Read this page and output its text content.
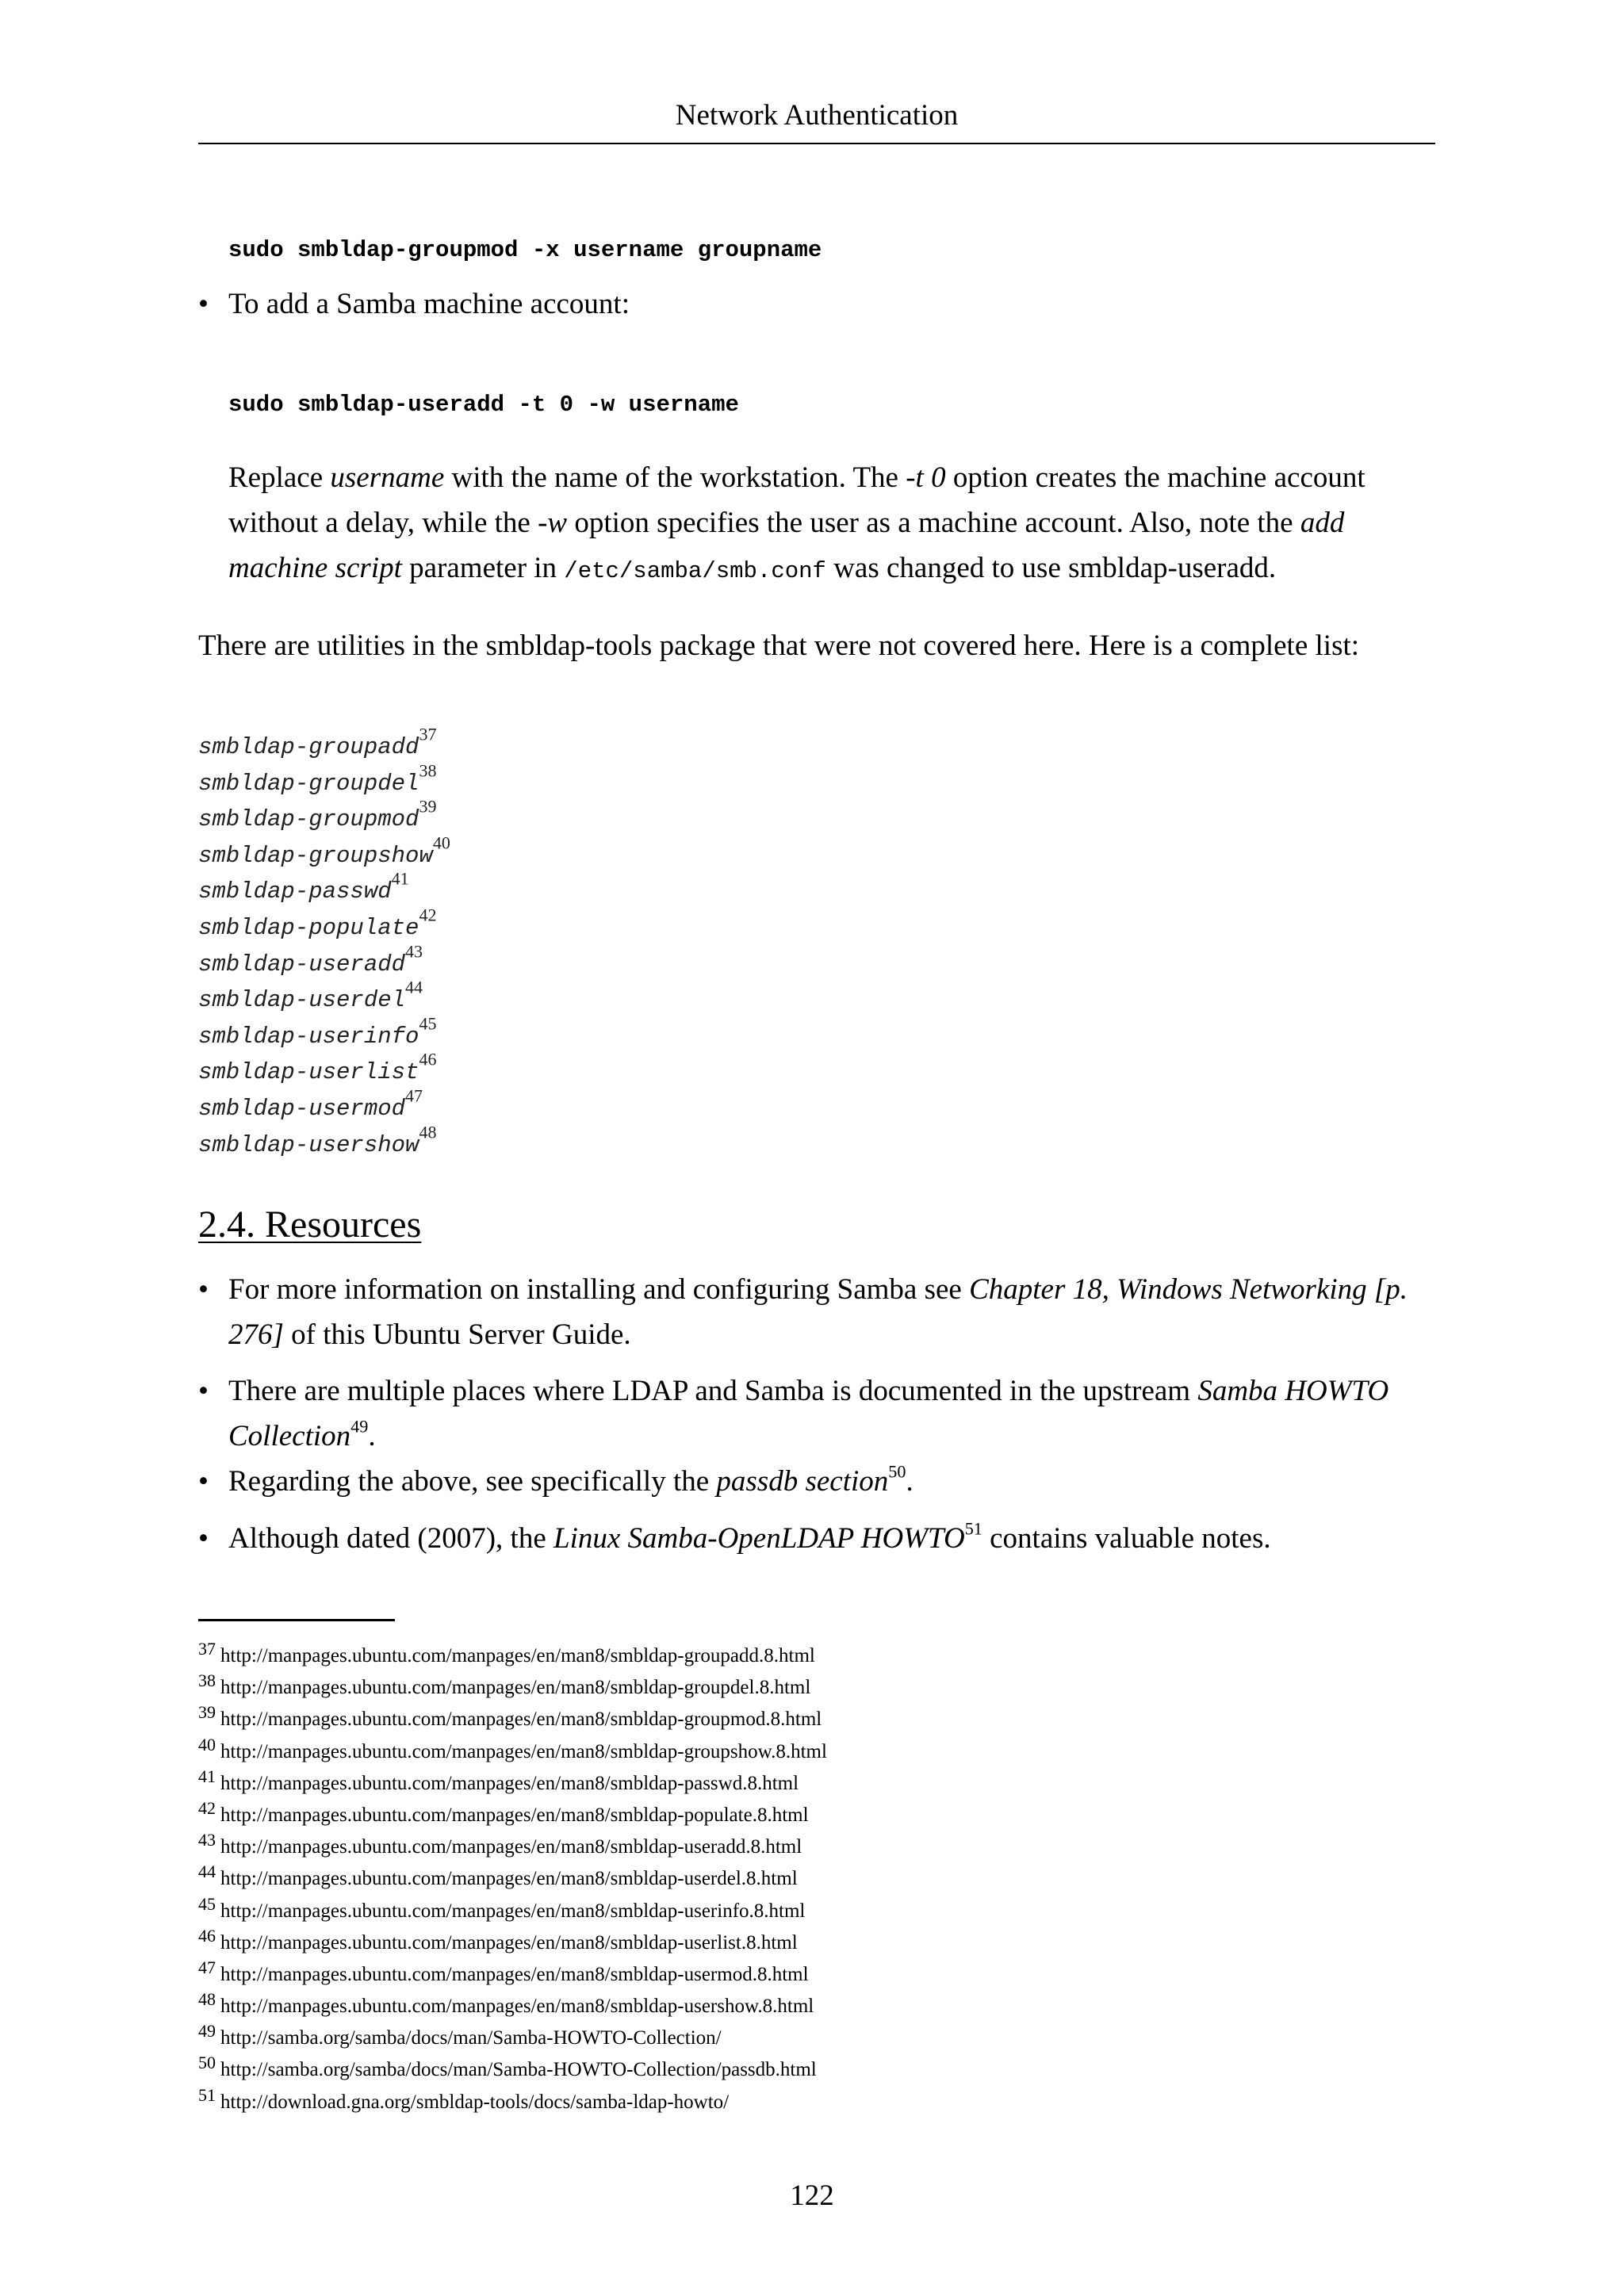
Network Authentication
sudo smbldap-groupmod -x username groupname
• To add a Samba machine account:
sudo smbldap-useradd -t 0 -w username
Replace username with the name of the workstation. The -t 0 option creates the machine account without a delay, while the -w option specifies the user as a machine account. Also, note the add machine script parameter in /etc/samba/smb.conf was changed to use smbldap-useradd.
There are utilities in the smbldap-tools package that were not covered here. Here is a complete list:
smbldap-groupadd$^{37}$
smbldap-groupdel$^{38}$
smbldap-groupmod$^{39}$
smbldap-groupshow$^{40}$
smbldap-passwd$^{41}$
smbldap-populate$^{42}$
smbldap-useradd$^{43}$
smbldap-userdel$^{44}$
smbldap-userinfo$^{45}$
smbldap-userlist$^{46}$
smbldap-usermod$^{47}$
smbldap-usershow$^{48}$
2.4. Resources
• For more information on installing and configuring Samba see Chapter 18, Windows Networking [p. 276] of this Ubuntu Server Guide.
• There are multiple places where LDAP and Samba is documented in the upstream Samba HOWTO Collection$^{49}$.
• Regarding the above, see specifically the passdb section$^{50}$.
• Although dated (2007), the Linux Samba-OpenLDAP HOWTO$^{51}$ contains valuable notes.
37 http://manpages.ubuntu.com/manpages/en/man8/smbldap-groupadd.8.html
38 http://manpages.ubuntu.com/manpages/en/man8/smbldap-groupdel.8.html
39 http://manpages.ubuntu.com/manpages/en/man8/smbldap-groupmod.8.html
40 http://manpages.ubuntu.com/manpages/en/man8/smbldap-groupshow.8.html
41 http://manpages.ubuntu.com/manpages/en/man8/smbldap-passwd.8.html
42 http://manpages.ubuntu.com/manpages/en/man8/smbldap-populate.8.html
43 http://manpages.ubuntu.com/manpages/en/man8/smbldap-useradd.8.html
44 http://manpages.ubuntu.com/manpages/en/man8/smbldap-userdel.8.html
45 http://manpages.ubuntu.com/manpages/en/man8/smbldap-userinfo.8.html
46 http://manpages.ubuntu.com/manpages/en/man8/smbldap-userlist.8.html
47 http://manpages.ubuntu.com/manpages/en/man8/smbldap-usermod.8.html
48 http://manpages.ubuntu.com/manpages/en/man8/smbldap-usershow.8.html
49 http://samba.org/samba/docs/man/Samba-HOWTO-Collection/
50 http://samba.org/samba/docs/man/Samba-HOWTO-Collection/passdb.html
51 http://download.gna.org/smbldap-tools/docs/samba-ldap-howto/
122
